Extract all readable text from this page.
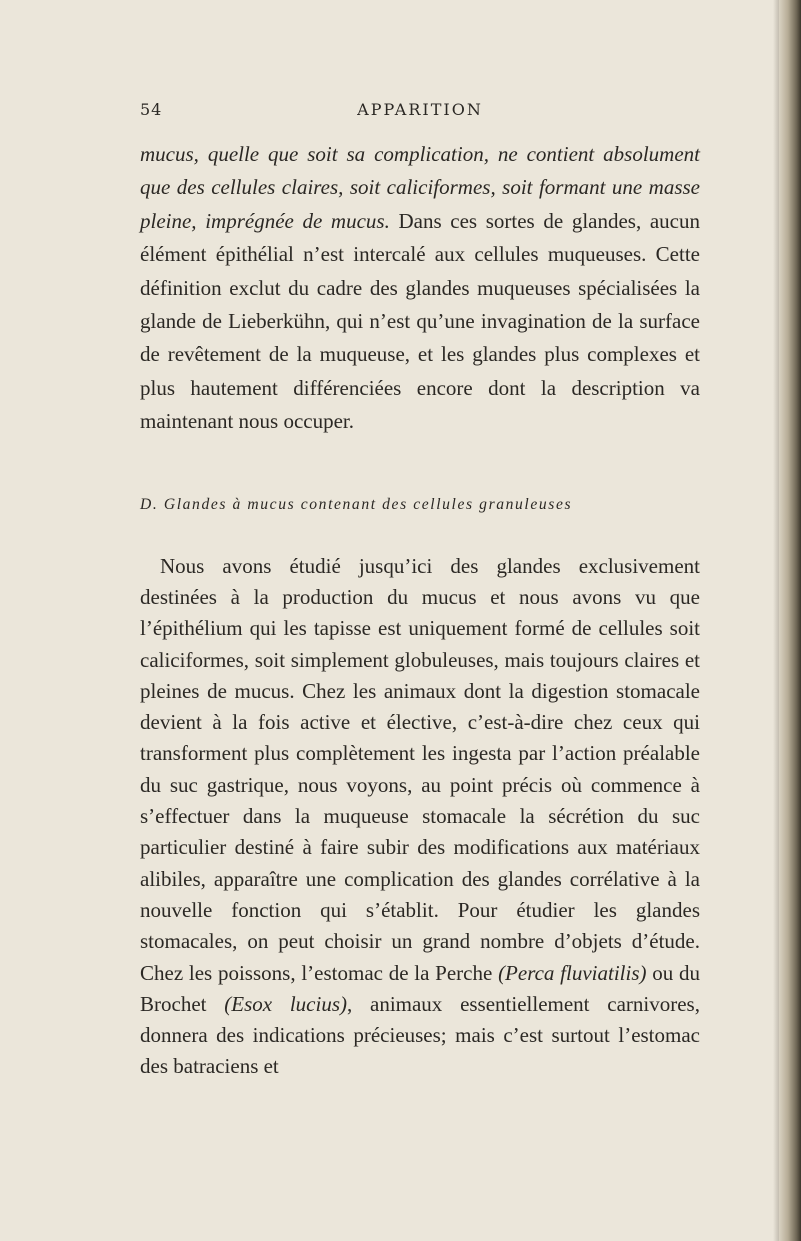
54	APPARITION

mucus, quelle que soit sa complication, ne contient absolument que des cellules claires, soit caliciformes, soit formant une masse pleine, imprégnée de mucus. Dans ces sortes de glandes, aucun élément épithélial n’est intercalé aux cellules muqueuses. Cette définition exclut du cadre des glandes muqueuses spécialisées la glande de Lieberkühn, qui n’est qu’une invagination de la surface de revêtement de la muqueuse, et les glandes plus complexes et plus hautement différenciées encore dont la description va maintenant nous occuper.

D. Glandes à mucus contenant des cellules granuleuses

Nous avons étudié jusqu’ici des glandes exclusivement destinées à la production du mucus et nous avons vu que l’épithélium qui les tapisse est uniquement formé de cellules soit caliciformes, soit simplement globuleuses, mais toujours claires et pleines de mucus. Chez les animaux dont la digestion stomacale devient à la fois active et élective, c’est-à-dire chez ceux qui transforment plus complètement les ingesta par l’action préalable du suc gastrique, nous voyons, au point précis où commence à s’effectuer dans la muqueuse stomacale la sécrétion du suc particulier destiné à faire subir des modifications aux matériaux alibiles, apparaître une complication des glandes corrélative à la nouvelle fonction qui s’établit. Pour étudier les glandes stomacales, on peut choisir un grand nombre d’objets d’étude. Chez les poissons, l’estomac de la Perche (Perca fluviatilis) ou du Brochet (Esox lucius), animaux essentiellement carnivores, donnera des indications précieuses; mais c’est surtout l’estomac des batraciens et
